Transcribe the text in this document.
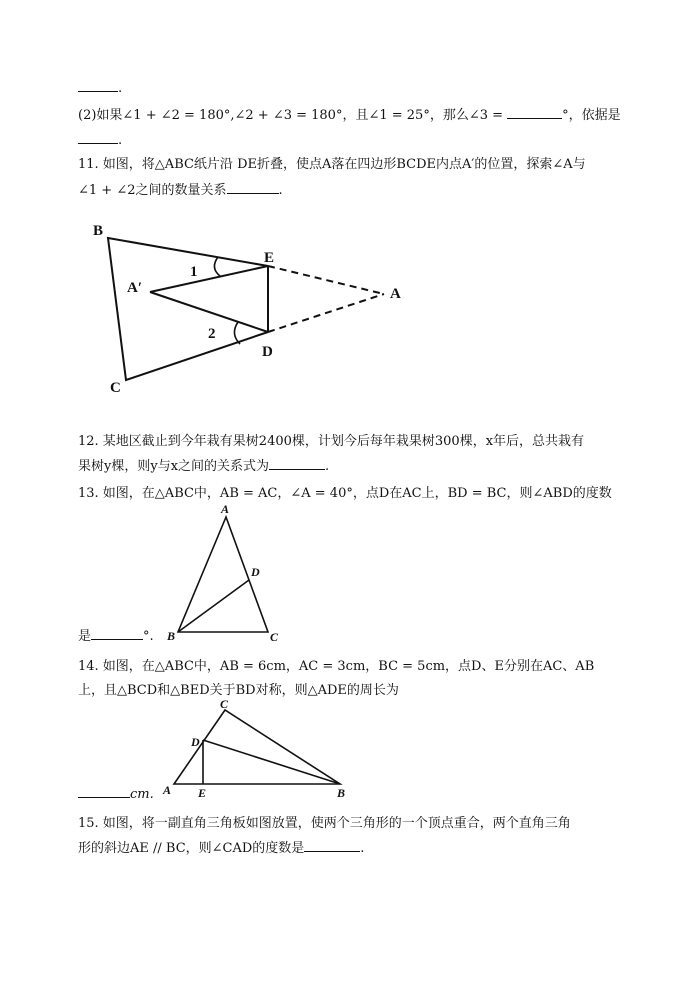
.
(2)如果∠1 + ∠2 = 180°,∠2 + ∠3 = 180°，且∠1 = 25°，那么∠3 =	°，依据是
.
11. 如图，将△ABC纸片沿 DE折叠，使点A落在四边形BCDE内点A′的位置，探索∠A与
∠1 + ∠2之间的数量关系	.
B
C
E
D
A
A′
1
2
A
B	C
D
C
D
A E	B
12. 某地区截止到今年栽有果树2400棵，计划今后每年栽果树300棵，x年后，总共栽有
果树y棵，则y与x之间的关系式为	.
13. 如图，在△ABC中，AB = AC，∠A = 40°，点D在AC上，BD = BC，则∠ABD的度数
是	°.
14. 如图，在△ABC中，AB = 6cm，AC = 3cm，BC = 5cm，点D、E分别在AC、AB
上，且△BCD和△BED关于BD对称，则△ADE的周长为
cm.
15. 如图，将一副直角三角板如图放置，使两个三角形的一个顶点重合，两个直角三角
形的斜边AE // BC，则∠CAD的度数是	.
